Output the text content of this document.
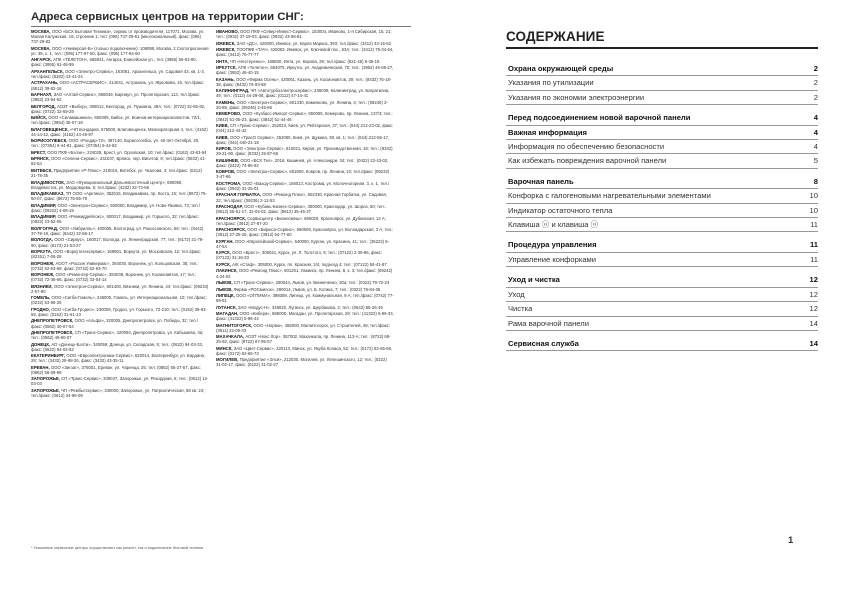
Адреса сервисных центров на территории СНГ:
МОСКВА, ООО «БСХ Бытовая Техника», сервис от производителя, 117071, Москва, ул. Малая Калужская, 19, строение 1; тел: (095) 737-29-61 (многоканальный), факс: (095) 737-29-82
МОСКВА, ООО «Универсал-Б» (только подключение): 109088, Москва, 2 Скотопрогонная ул. 35, с. 1, тел.: (095) 177-97-50, факс: (095) 177-84-60
АНГАРСК, АПК «ТЕЛЕТОН», 665831, Ангарск, Енисейская ул., тел: (3955) 56-03-90, факс: (3955) 61-48-99
АРХАНГЕЛЬСК, ООО «Электро-Сервис», 163061, Архангельск, ул. Садовая 43, кв. 1-3, тел./факс: (8182) 43-41-24
АСТРАХАНЬ, ООО «АСТРАСЕРВИС», 414041, Астрахань, ул. Жуковова, 16, тел./факс: (8512) 39-82-16
БАРНАУЛ, ЗАО «Алтай-Сервис», 656049, Барнаул, ул. Пролетарская, 113, тел./факс: (3852) 23-94-52
БЕЛГОРОД, АОЗТ «Выбор», 308012, Белгород, ул. Пушкина, 49А; тел.: (0722) 32-65-82, факс: (0722) 32-69-29
БИЙСК, ООО «Силамашинка», 659305, Бийск, ул. Воинов-интернационалистов, 72/1, тел./факс: (3854) 36-07-18
БЛАГОВЕЩЕНСК, «ЧП Бондарев, 675000, Благовещенск, Мелиораторная 4, тел.: (4162) 44-14-42, факс: (4162) 44-49-97
БОРИСОГЛЕБСК, ООО «Рондар-72», 397140, Борисоглебск, ул. 40-лет Октября, 29, тел.: (07354) 6-44-81, факс: (07354) 6-44-82
БРЕСТ, ООО ПКФ «Бэлэн», 224028, Брест, ул. Орловская, 10; тел./факс: (0162) 43-63-94
БРЯНСК, ООО «Селена-Сервис», 241037, Брянск, пер. Висетов, 8; тел./факс: (0832) 41-82-54
ВИТЕБСК, Предприятие «Р-Плюс», 210015, Витебск, ул. Чкалова, 3; тел./факс: (0212) 21-78-35
ВЛАДИВОСТОК, ЗАО «Функциональный Дальневосточный Центр», 690090, Владивосток, ул. Мордовцева, 5; тел./факс: (4232) 22-73-69
ВЛАДИКАВКАЗ, ТП ООО «Арктика», 362015, Владикавказ, пр. Коста, 15; тел: (8672) 75-50-07, факс: (8672) 75-65-79
ВЛАДИМИР, ООО «Электрон-Сервис», 600000, Владимир, ул. Ново-Яковка, 73; тел./факс: (09222) 4-08-19
ВЛАДИМИР, ООО «Ремкиддейлокс», 600017, Владимир, ул. Горького, 32; тел./факс: (0922) 23-52-06
ВОЛГОГРАД, ООО «Умбрилль», 400005, Волгоград, ул. Рокоссовского, 56; тел.: (8442) 37-79-19, факс: (8442) 32-56-17
ВОЛОГДА, ООО «Сирвус», 160017, Вологда, ул. Ленинградская, 77; тел.: (8172) 21-79-90, факс: (8172) 21-53-27
ВОРКУТА, ООО «Воркутатехсервис», 169901, Воркута, ул. Московская, 12; тел./факс: (82151) 7-06-28
ВОРОНЕЖ, АООТ «Россия Универмаг», 394030, Воронеж, ул. Кольцовская, 35; тел.: (0732) 52-63-69, факс: (0732) 52-63-70
ВОРОНЕЖ, ООО «Ремонтер-Сервис», 394038, Воронеж, ул. Космонавтов, 17; тел.: (0732) 72-36-66, факс: (0732) 33-04-14
ВЯЗНИКИ, ООО «Электрон-Сервис», 601400, Вязники, ул. Ленина, 44; тел./факс: (09233) 2-57-90
ГОМЕЛЬ, ООО «Сигба-Гомель», 246000, Гомель, ул. Интернациональная, 10; тел./факс: (0232) 53-96-25
ГРОДНО, ООО «Сигба-Гродно», 230009, Гродно, ул. Горького, 72-210; тел.: (0152) 39-92-59, факс: (0152) 31-51-13
ДНЕПРОПЕТРОВСК, ООО «Альфа», 320005, Днепропетровск, ул. Победы, 32; тел./факс: (0562) 40-07-54
ДНЕПРОПЕТРОВСК, СП «Транс-Сервис», 320094, Днепропетровск, ул. Кабышева, 3а; тел.: (0562) 46-60-07
ДОНЕЦК, АО «Донецк-Бэлти», 340059, Донецк, ул. Складская, 5; тел.: (0622) 94-03-33, факс: (0622) 94-02-62
ЕКАТЕРИНБУРГ, ООО «Евроэлектроника-Сервис», 620014, Екатеринбург, ул. Бардина, 28; тел.: (3432) 28-98-26, факс: (3432) 43-35-11
ЕРЕВАН, ООО «Зигзаг», 375001, Ереван, ул. Чаренца, 25; тел: (0852) 55-27-57, факс: (0852) 56-08-99
ЗАПОРОЖЬЕ, СП «Транс-Сервис», 330037, Запорожье, ул. Рекордная, 6; тел.: (0612) 12-03-03
ЗАПОРОЖЬЕ, ЧП «Рембытсервис», 330000, Запорожье, ул. Патриотическая, 58 кв. 24; тел./факс: (0612) 34-96-09
ИВАНОВО, ООО ПКФ «Север-Инвест-Сервис», 153004, Иваново, 1-я Сибирская, 15, 21; тел.: (0932) 37-19-03, факс: (0932) 43-58-81
ИЖЕВСК, ЗАО «ДС», 426000, Ижевск, ул. Карла Маркса, 393; тел./факс: (3412) 43-16-52
ИЖЕВСК, ТООПКФ «ТАЧ», 426063, Ижевск, ул. Ключевой пос., 63А; тел.: (3412) 75-34-64, факс: (3412) 75-77-77
ИНТА, ЧП «Нестеренко», 169830, Инта, ул. Кирова, 29; тел./факс: (821-45) 6-35-19
ИРКУТСК, АПК «Телетон», 664075, Иркутск, ул. Академическая, 70; тел.: (3952) 46-06-27, факс: (3952) 46-40-15
КАЗАНЬ, ООО «Фирма Осень», 420061, Казань, ул. Космонавтов, 29; тел.: (8432) 76-18-38, факс: (8432) 76-93-88
КАЛИНИНГРАД, ЧП «Автотурбоэлектросервис», 236039, Калининград, ул. Багратиона, 49; тел.: (0112) 44-29-08, факс: (0112) 47-14-41
КАМЕНЬ, ООО «Электрон-Сервис», 601330, Каменково, ул. Ленина, 4; тел.: (09246) 2-20-88, факс: (09246) 2-45-66
КЕМЕРОВО, ООО «Кузбасс-Импорт-Сервис», 650065, Кемерово, пр. Ленина, 137/3; тел.: (3842) 51-05-23, факс: (3842) 51-44-46
КИЕВ, СП «Транс-Сервис», 252024, Киев, ул. Рейтарская, 37; тел.: (044) 212-23-02, факс: (044) 212-44-42
КИЕВ, ООО «ТрасО Сервис», 252060, Киев, ул. Щукина, 38, кв. 1; тел.: (044) 212-55-17, факс: (044) 440-21-18
КИРОВ, ООО «Электрон-Сервис», 610021, Киров, ул. Производственная, 18; тел.: (8332) 29-21-90, факс: (8332) 25-87-55
КИШИНЕВ, ООО «БСХ Тех», 2016, Кишинев, ул. Александри, 34; тел.: (0422) 22-43-02, факс: (0422) 74-86-92
КОВРОВ, ООО «Электрон-Сервис», 601900, Ковров, пр. Ленина, 10; тел./факс: (09232) 3-47-66
КОСТРОМА, ООО «Ваход-Сервис», 156013, Кострома, ул. Молочногорная, 3, к. 1, тел./факс: (0942) 31-25-01
КРАСНАЯ ГОРБАТКА, ООО «Ремонд Плюс», 602330, Красная Горбатка, ул. Садовая, 22; тел./факс: (09236) 2-12-53
КРАСНОДАР, ООО «Кубань-Бизнес-Сервис», 350000, Краснодар, ул. Шорса, 50; тел.: (8612) 55-51-17, 32-04-02, факс: (8612) 35-45-37
КРАСНОЯРСК, Сервисцентр «Бизнесмеш», 660020, Красноярск, ул. Дубинская, 12 А; тел./факс: (3912) 27-87-20
КРАСНОЯРСК, ООО «Бирюса-Сервис», 660609, Красноярск, ул. Волоадарская, 3 А; тел.: (3912) 27-25-25, факс: (3912) 64-77-60
КУРГАН, ООО «Европейский-Сервис», 640000, Курган, ул. Красина, 41; тел.: (35222) 5-47-54
КУРСК, ООО «Брест», 305041, Курск, ул. Л. Толстого, 9; тел.: (07122) 2-35-86, факс: (07122) 31-16-33
КУРСК, А/К «Стаф», 305000, Курск, пл. Красная, 2/4, подъезд 4; тел.: (07122) 56-41-87
ЛАКИНСК, ООО «Ремонд Плюс», 601201, Лакинск, пр. Ленина, 8, к. 3; тел./факс: (09242) 4-24-02
ЛЬВОВ, СП «Транс-Сервис», 290044, Львов, ул. Винниченко, 30а; тел.: (0322) 79-72-23
ЛЬВОВ, Фирма «РОСмилок», 290014, Львов, ул. Б. Котика, 7; тел.: (0322) 76-84-06
ЛИПЕЦК, ООО «ОПТИМА», 398059, Липецк, ул. Коммунальная, 9 А; тел./факс: (0742) 77-89-81
ЛУГАНСК, ЗАО «Модус-Н», 348020, Луганск, ул. Щербакова, 2; тел.: (0642) 55-26-49
МАГАДАН, ООО «Кибера», 685000, Магадан, ул. Пролетарская, 29; тел.: (41322) 5-99-33, факс: (41322) 5-96-44
МАГНИТОГОРСК, ООО «Норма», 455000, Магнитогорск, ул. Строителей, 48; тел./факс: (3511) 22-09-33
МАХАЧКАЛА, АОЗТ «Нокс Лор», 367002, Махачкала, пр. Ленина, 113-А; тел.: (8722) 68-25-92, факс: (8722) 67-95-57
МИНСК, ЗАО «Цвет-Сервис», 220113, Минск, ул. Якуба Коласа, 52; тел.: (0172) 62-65-66, факс: (0172) 62-66-73
МОГИЛЕВ, Предприятие «Элси», 212030, Могилев, ул. Лепешинского, 12; тел.: (0222) 31-02-17, факс: (0222) 31-02-27
* Указанные сервисные центры осуществляют как ремонт, так и подключение бытовой техники
СОДЕРЖАНИЕ
Охрана окружающей среды	2
Указания по утилизации	2
Указания по экономии электроэнергии	2
Перед подсоединением новой варочной панели	4
Важная информация	4
Информация по обеспечению безопасности	4
Как избежать повреждения варочной панели	5
Варочная панель	8
Конфорка с галогеновыми нагревательными элементами	10
Индикатор остаточного тепла	10
Клавиша ⓞ и клавиша ⓞ	11
Процедура управления	11
Управление конфорками	11
Уход и чистка	12
Уход	12
Чистка	12
Рама варочной панели	14
Сервисная служба	14
1
